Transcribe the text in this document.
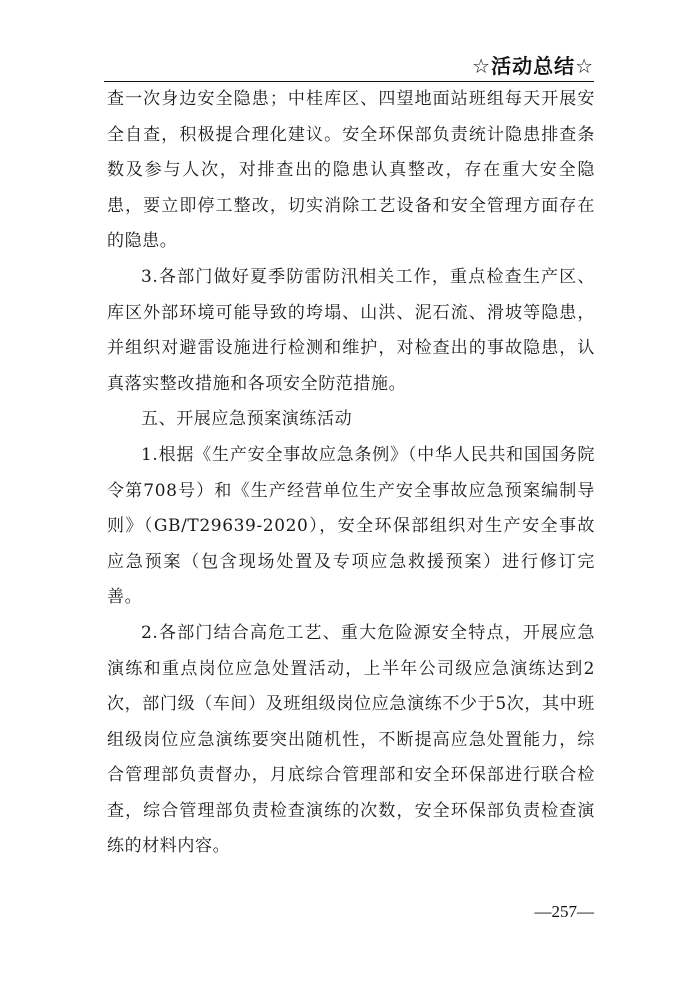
☆活动总结☆

查一次身边安全隐患；中桂库区、四望地面站班组每天开展安全自查，积极提合理化建议。安全环保部负责统计隐患排查条数及参与人次，对排查出的隐患认真整改，存在重大安全隐患，要立即停工整改，切实消除工艺设备和安全管理方面存在的隐患。

3.各部门做好夏季防雷防汛相关工作，重点检查生产区、库区外部环境可能导致的垮塌、山洪、泥石流、滑坡等隐患，并组织对避雷设施进行检测和维护，对检查出的事故隐患，认真落实整改措施和各项安全防范措施。

五、开展应急预案演练活动

1.根据《生产安全事故应急条例》（中华人民共和国国务院令第708号）和《生产经营单位生产安全事故应急预案编制导则》（GB/T29639-2020），安全环保部组织对生产安全事故应急预案（包含现场处置及专项应急救援预案）进行修订完善。

2.各部门结合高危工艺、重大危险源安全特点，开展应急演练和重点岗位应急处置活动，上半年公司级应急演练达到2次，部门级（车间）及班组级岗位应急演练不少于5次，其中班组级岗位应急演练要突出随机性，不断提高应急处置能力，综合管理部负责督办，月底综合管理部和安全环保部进行联合检查，综合管理部负责检查演练的次数，安全环保部负责检查演练的材料内容。

—257—
